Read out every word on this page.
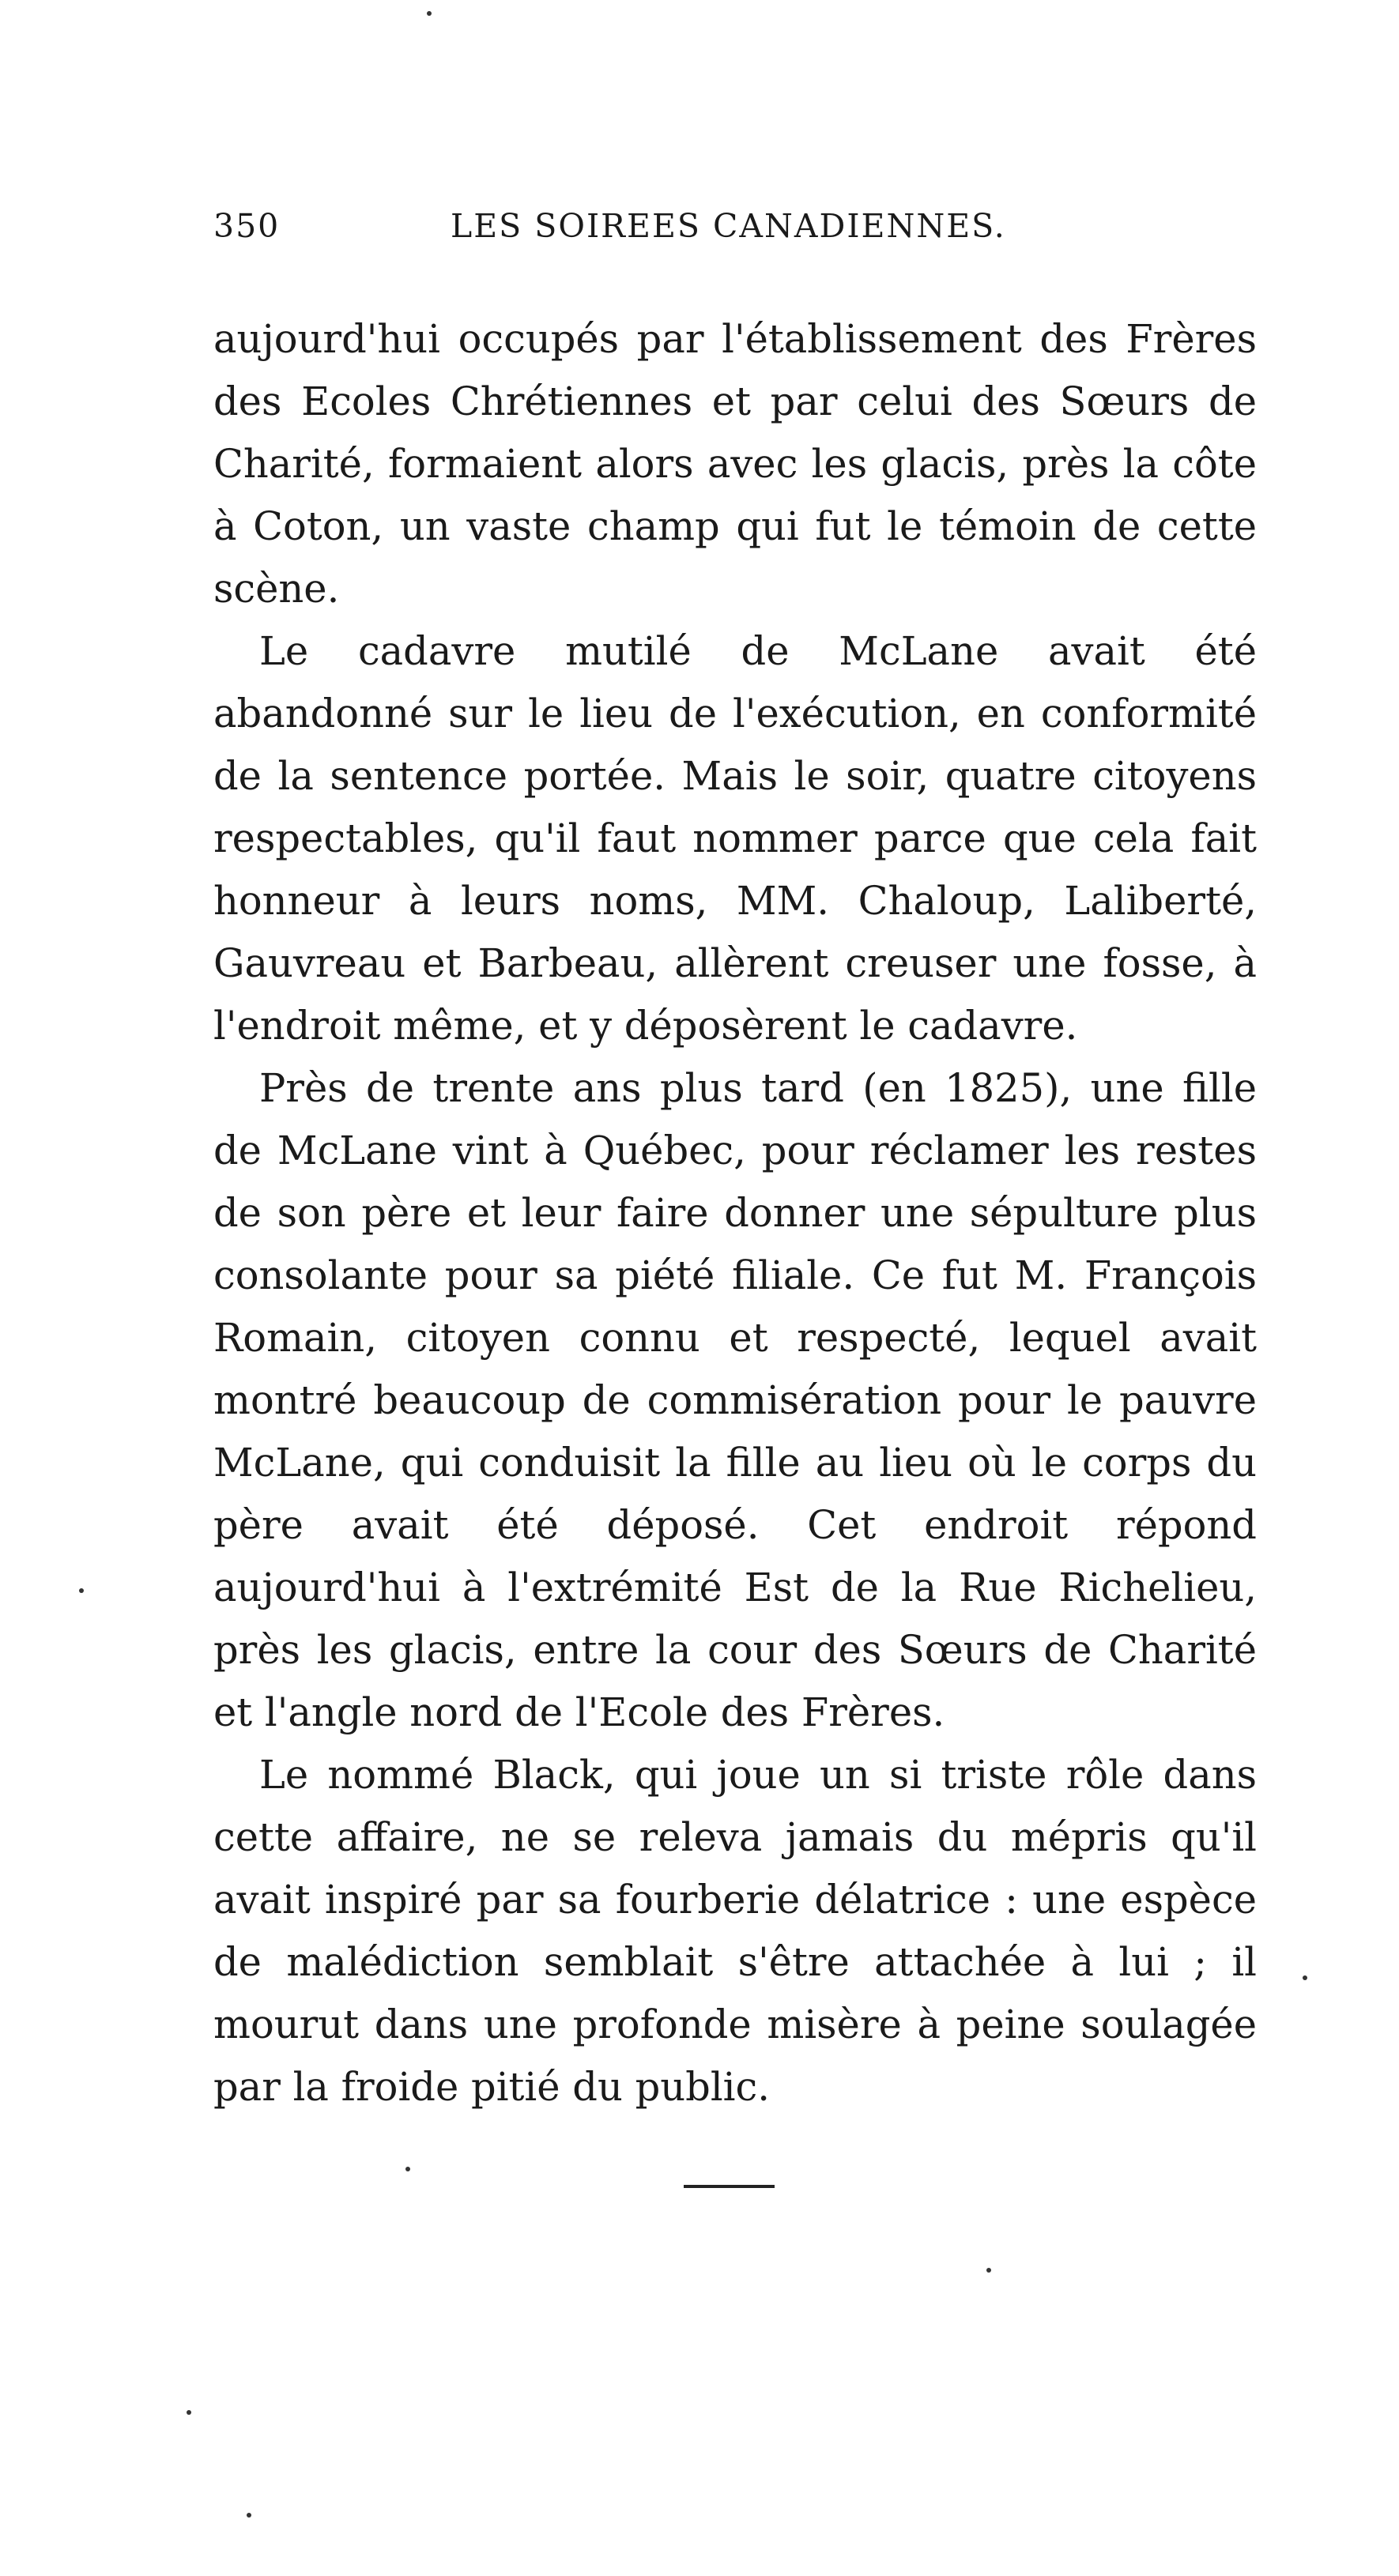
350	LES SOIREES CANADIENNES.

aujourd'hui occupés par l'établissement des Frères des Ecoles Chrétiennes et par celui des Sœurs de Charité, formaient alors avec les glacis, près la côte à Coton, un vaste champ qui fut le témoin de cette scène.

Le cadavre mutilé de McLane avait été abandonné sur le lieu de l'exécution, en conformité de la sentence portée. Mais le soir, quatre citoyens respectables, qu'il faut nommer parce que cela fait honneur à leurs noms, MM. Chaloup, Laliberté, Gauvreau et Barbeau, allèrent creuser une fosse, à l'endroit même, et y déposèrent le cadavre.

Près de trente ans plus tard (en 1825), une fille de McLane vint à Québec, pour réclamer les restes de son père et leur faire donner une sépulture plus consolante pour sa piété filiale. Ce fut M. François Romain, citoyen connu et respecté, lequel avait montré beaucoup de commisération pour le pauvre McLane, qui conduisit la fille au lieu où le corps du père avait été déposé. Cet endroit répond aujourd'hui à l'extrémité Est de la Rue Richelieu, près les glacis, entre la cour des Sœurs de Charité et l'angle nord de l'Ecole des Frères.

Le nommé Black, qui joue un si triste rôle dans cette affaire, ne se releva jamais du mépris qu'il avait inspiré par sa fourberie délatrice : une espèce de malédiction semblait s'être attachée à lui ; il mourut dans une profonde misère à peine soulagée par la froide pitié du public.
